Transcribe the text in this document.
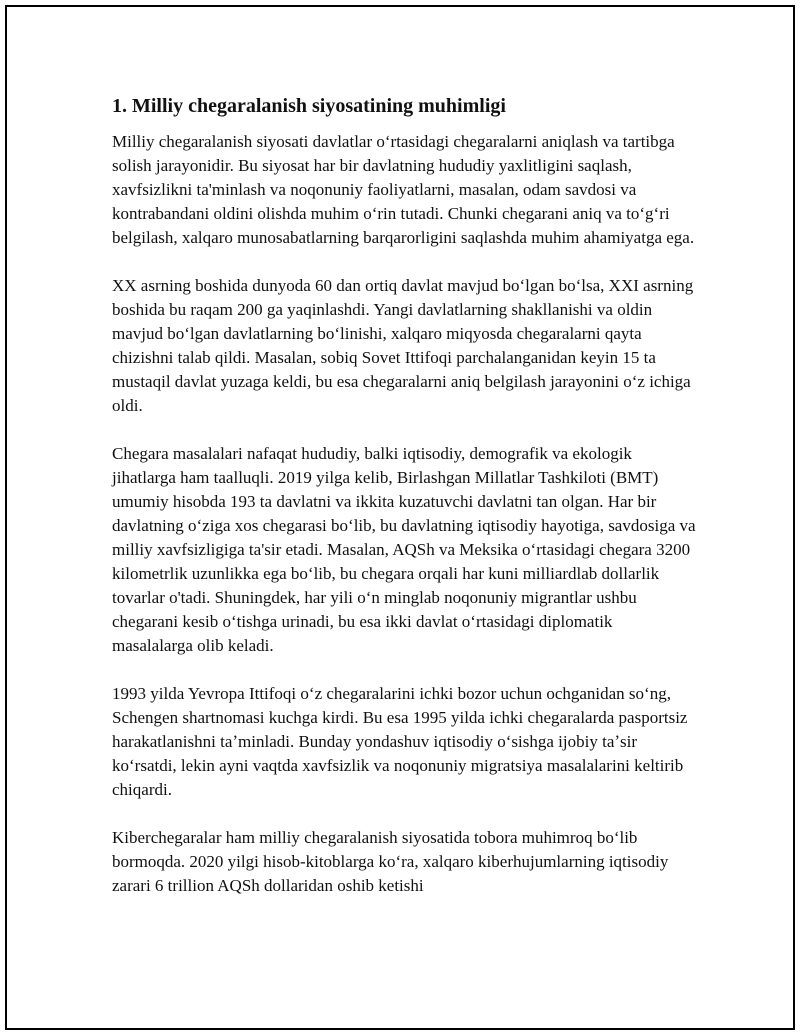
1. Milliy chegaralanish siyosatining muhimligi

Milliy chegaralanish siyosati davlatlar oʻrtasidagi chegaralarni aniqlash va tartibga solish jarayonidir. Bu siyosat har bir davlatning hududiy yaxlitligini saqlash, xavfsizlikni ta'minlash va noqonuniy faoliyatlarni, masalan, odam savdosi va kontrabandani oldini olishda muhim oʻrin tutadi. Chunki chegarani aniq va toʻgʻri belgilash, xalqaro munosabatlarning barqarorligini saqlashda muhim ahamiyatga ega.

XX asrning boshida dunyoda 60 dan ortiq davlat mavjud boʻlgan boʻlsa, XXI asrning boshida bu raqam 200 ga yaqinlashdi. Yangi davlatlarning shakllanishi va oldin mavjud boʻlgan davlatlarning boʻlinishi, xalqaro miqyosda chegaralarni qayta chizishni talab qildi. Masalan, sobiq Sovet Ittifoqi parchalanganidan keyin 15 ta mustaqil davlat yuzaga keldi, bu esa chegaralarni aniq belgilash jarayonini oʻz ichiga oldi.

Chegara masalalari nafaqat hududiy, balki iqtisodiy, demografik va ekologik jihatlarga ham taalluqli. 2019 yilga kelib, Birlashgan Millatlar Tashkiloti (BMT) umumiy hisobda 193 ta davlatni va ikkita kuzatuvchi davlatni tan olgan. Har bir davlatning oʻziga xos chegarasi boʻlib, bu davlatning iqtisodiy hayotiga, savdosiga va milliy xavfsizligiga ta'sir etadi. Masalan, AQSh va Meksika oʻrtasidagi chegara 3200 kilometrlik uzunlikka ega boʻlib, bu chegara orqali har kuni milliardlab dollarlik tovarlar o'tadi. Shuningdek, har yili oʻn minglab noqonuniy migrantlar ushbu chegarani kesib oʻtishga urinadi, bu esa ikki davlat oʻrtasidagi diplomatik masalalarga olib keladi.

1993 yilda Yevropa Ittifoqi oʻz chegaralarini ichki bozor uchun ochganidan soʻng, Schengen shartnomasi kuchga kirdi. Bu esa 1995 yilda ichki chegaralarda pasportsiz harakatlanishni taʼminladi. Bunday yondashuv iqtisodiy oʻsishga ijobiy taʼsir koʻrsatdi, lekin ayni vaqtda xavfsizlik va noqonuniy migratsiya masalalarini keltirib chiqardi.

Kiberchegaralar ham milliy chegaralanish siyosatida tobora muhimroq boʻlib bormoqda. 2020 yilgi hisob-kitoblarga koʻra, xalqaro kiberhujumlarning iqtisodiy zarari 6 trillion AQSh dollaridan oshib ketishi
